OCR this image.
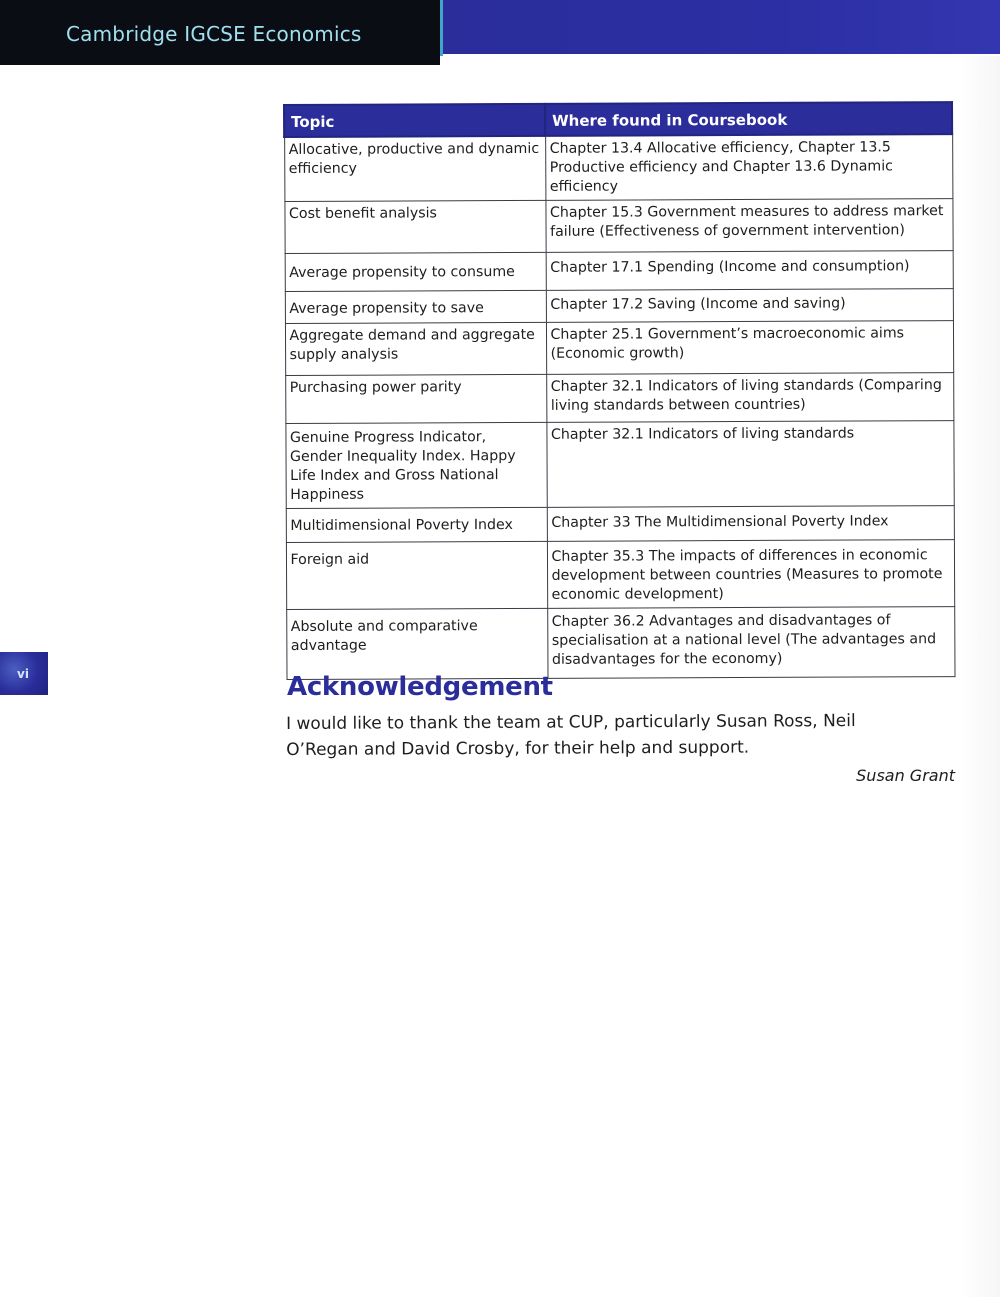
Cambridge IGCSE Economics
Topic	Where found in Coursebook
Allocative, productive and dynamic efficiency	Chapter 13.4 Allocative efficiency, Chapter 13.5 Productive efficiency and Chapter 13.6 Dynamic efficiency
Cost benefit analysis	Chapter 15.3 Government measures to address market failure (Effectiveness of government intervention)
Average propensity to consume	Chapter 17.1 Spending (Income and consumption)
Average propensity to save	Chapter 17.2 Saving (Income and saving)
Aggregate demand and aggregate supply analysis	Chapter 25.1 Government’s macroeconomic aims (Economic growth)
Purchasing power parity	Chapter 32.1 Indicators of living standards (Comparing living standards between countries)
Genuine Progress Indicator, Gender Inequality Index. Happy Life Index and Gross National Happiness	Chapter 32.1 Indicators of living standards
Multidimensional Poverty Index	Chapter 33 The Multidimensional Poverty Index
Foreign aid	Chapter 35.3 The impacts of differences in economic development between countries (Measures to promote economic development)
Absolute and comparative advantage	Chapter 36.2 Advantages and disadvantages of specialisation at a national level (The advantages and disadvantages for the economy)
vi	Acknowledgement

I would like to thank the team at CUP, particularly Susan Ross, Neil O’Regan and David Crosby, for their help and support.

Susan Grant
